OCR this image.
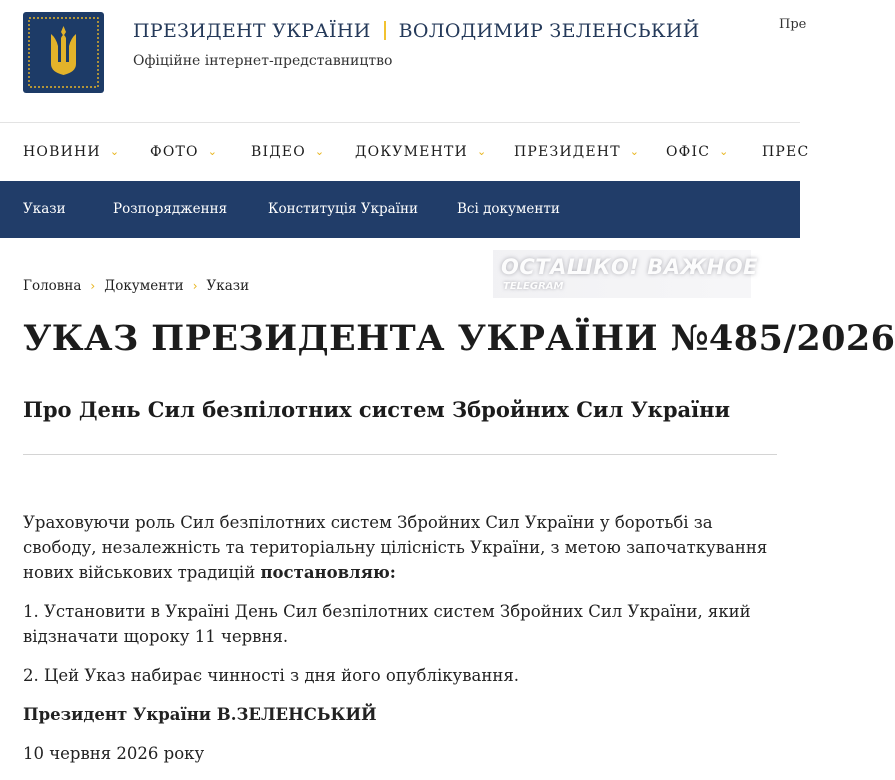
ПРЕЗИДЕНТ УКРАЇНИ ВОЛОДИМИР ЗЕЛЕНСЬКИЙ
Офіційне інтернет-представництво
Пре
НОВИНИ ⌄ ФОТО ⌄ ВІДЕО ⌄ ДОКУМЕНТИ ⌄ ПРЕЗИДЕНТ ⌄ ОФІС ⌄ ПРЕС
Укази	Розпорядження	Конституція України	Всі документи
ОСТАШКО! ВАЖНОЕ
TELEGRAM
Головна › Документи › Укази
УКАЗ ПРЕЗИДЕНТА УКРАЇНИ №485/2026
Про День Сил безпілотних систем Збройних Сил України

Ураховуючи роль Сил безпілотних систем Збройних Сил України у боротьбі за свободу, незалежність та територіальну цілісність України, з метою започаткування нових військових традицій постановляю:

1. Установити в Україні День Сил безпілотних систем Збройних Сил України, який відзначати щороку 11 червня.

2. Цей Указ набирає чинності з дня його опублікування.

Президент України В.ЗЕЛЕНСЬКИЙ

10 червня 2026 року
